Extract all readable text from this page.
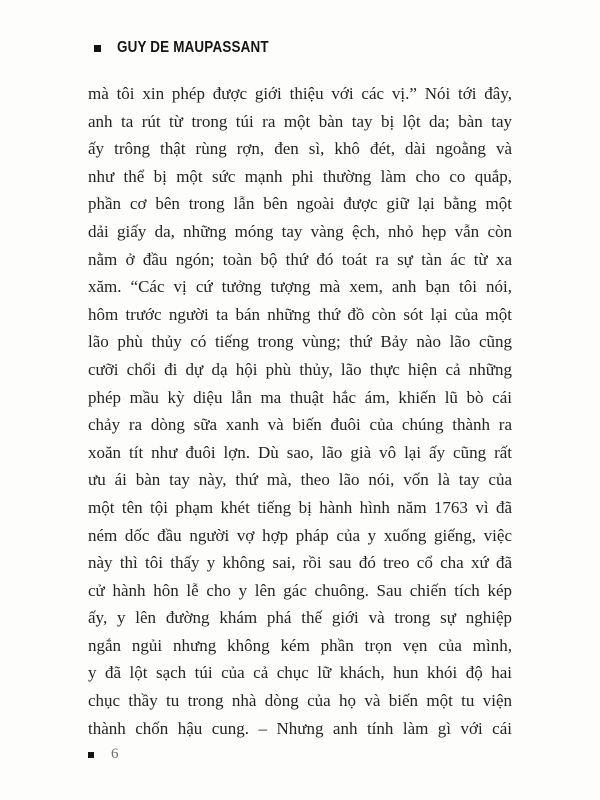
GUY DE MAUPASSANT
mà tôi xin phép được giới thiệu với các vị.” Nói tới đây,
anh ta rút từ trong túi ra một bàn tay bị lột da; bàn tay
ấy trông thật rùng rợn, đen sì, khô đét, dài ngoằng và
như thể bị một sức mạnh phi thường làm cho co quắp,
phần cơ bên trong lẫn bên ngoài được giữ lại bằng một
dải giấy da, những móng tay vàng ệch, nhỏ hẹp vẫn còn
nằm ở đầu ngón; toàn bộ thứ đó toát ra sự tàn ác từ xa
xăm. “Các vị cứ tưởng tượng mà xem, anh bạn tôi nói,
hôm trước người ta bán những thứ đồ còn sót lại của một
lão phù thủy có tiếng trong vùng; thứ Bảy nào lão cũng
cưỡi chổi đi dự dạ hội phù thủy, lão thực hiện cả những
phép mầu kỳ diệu lẫn ma thuật hắc ám, khiến lũ bò cái
chảy ra dòng sữa xanh và biến đuôi của chúng thành ra
xoăn tít như đuôi lợn. Dù sao, lão già vô lại ấy cũng rất
ưu ái bàn tay này, thứ mà, theo lão nói, vốn là tay của
một tên tội phạm khét tiếng bị hành hình năm 1763 vì đã
ném dốc đầu người vợ hợp pháp của y xuống giếng, việc
này thì tôi thấy y không sai, rồi sau đó treo cổ cha xứ đã
cử hành hôn lễ cho y lên gác chuông. Sau chiến tích kép
ấy, y lên đường khám phá thế giới và trong sự nghiệp
ngắn ngủi nhưng không kém phần trọn vẹn của mình,
y đã lột sạch túi của cả chục lữ khách, hun khói độ hai
chục thầy tu trong nhà dòng của họ và biến một tu viện
thành chốn hậu cung. – Nhưng anh tính làm gì với cái
6
